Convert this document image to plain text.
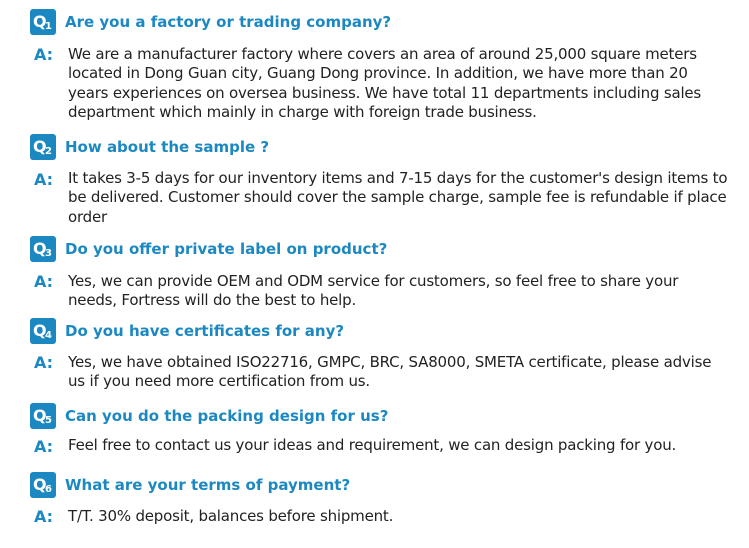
Q
1 Are you a factory or trading company?
A: We are a manufacturer factory where covers an area of around 25,000 square meters located in Dong Guan city, Guang Dong province. In addition, we have more than 20 years experiences on oversea business. We have total 11 departments including sales department which mainly in charge with foreign trade business.
Q
2 How about the sample ?
A: It takes 3-5 days for our inventory items and 7-15 days for the customer's design items to be delivered. Customer should cover the sample charge, sample fee is refundable if place order
Q
3 Do you offer private label on product?
A: Yes, we can provide OEM and ODM service for customers, so feel free to share your needs, Fortress will do the best to help.
Q
4 Do you have certificates for any?
A: Yes, we have obtained ISO22716, GMPC, BRC, SA8000, SMETA certificate, please advise us if you need more certification from us.
Q
5 Can you do the packing design for us?
A: Feel free to contact us your ideas and requirement, we can design packing for you.
Q
6 What are your terms of payment?
A: T/T. 30% deposit, balances before shipment.
